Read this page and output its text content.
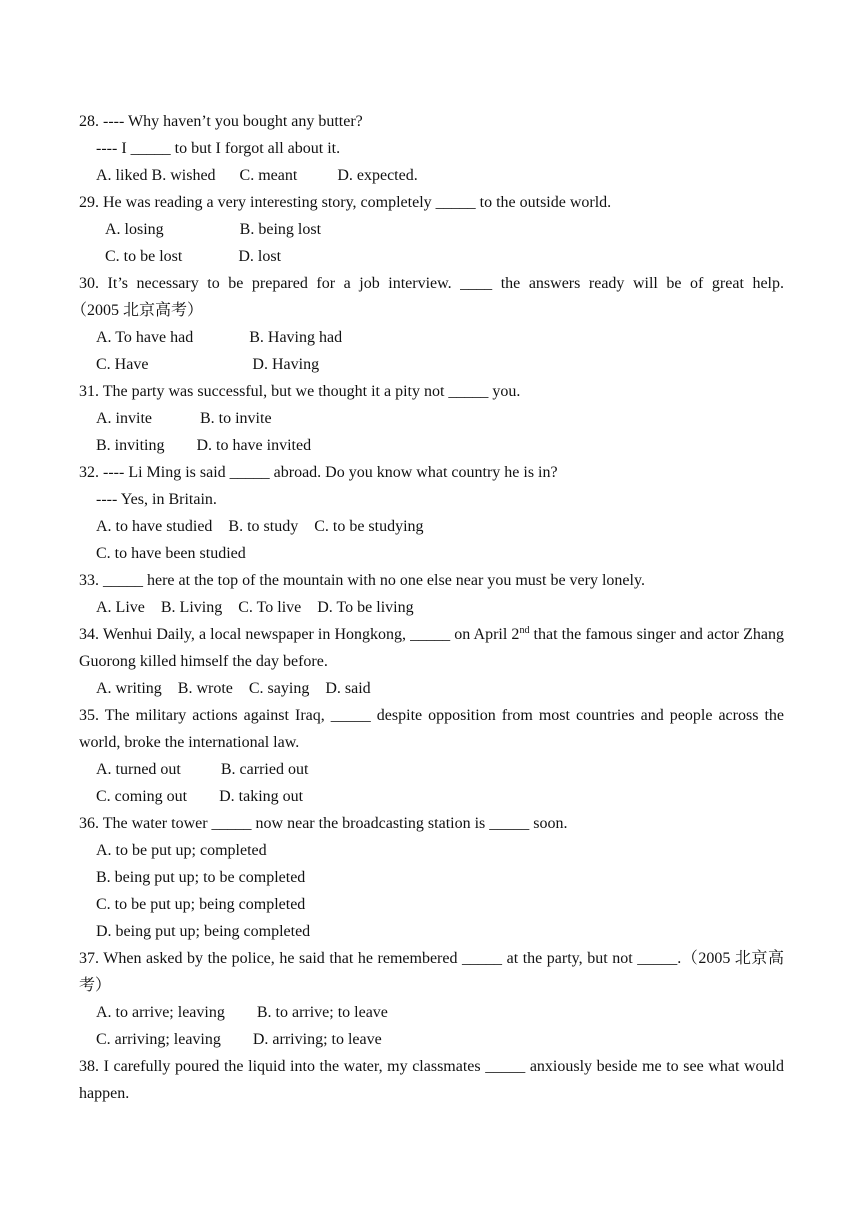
28. ---- Why haven’t you bought any butter?
---- I _____ to but I forgot all about it.
A. liked B. wished      C. meant          D. expected.
29. He was reading a very interesting story, completely _____ to the outside world.
A. losing                   B. being lost
C. to be lost              D. lost
30. It’s necessary to be prepared for a job interview. ____ the answers ready will be of great help.
（2005 北京高考）
A. To have had              B. Having had
C. Have                          D. Having
31. The party was successful, but we thought it a pity not _____ you.
A. invite            B. to invite
B. inviting        D. to have invited
32. ---- Li Ming is said _____ abroad. Do you know what country he is in?
---- Yes, in Britain.
A. to have studied    B. to study    C. to be studying
C. to have been studied
33. _____ here at the top of the mountain with no one else near you must be very lonely.
A. Live    B. Living    C. To live    D. To be living
34. Wenhui Daily, a local newspaper in Hongkong, _____ on April 2nd that the famous singer and actor Zhang Guorong killed himself the day before.
A. writing    B. wrote    C. saying    D. said
35. The military actions against Iraq, _____ despite opposition from most countries and people across the world, broke the international law.
A. turned out          B. carried out
C. coming out        D. taking out
36. The water tower _____ now near the broadcasting station is _____ soon.
A. to be put up; completed
B. being put up; to be completed
C. to be put up; being completed
D. being put up; being completed
37. When asked by the police, he said that he remembered _____ at the party, but not _____.（2005 北京高考）
A. to arrive; leaving        B. to arrive; to leave
C. arriving; leaving        D. arriving; to leave
38. I carefully poured the liquid into the water, my classmates _____ anxiously beside me to see what would happen.
